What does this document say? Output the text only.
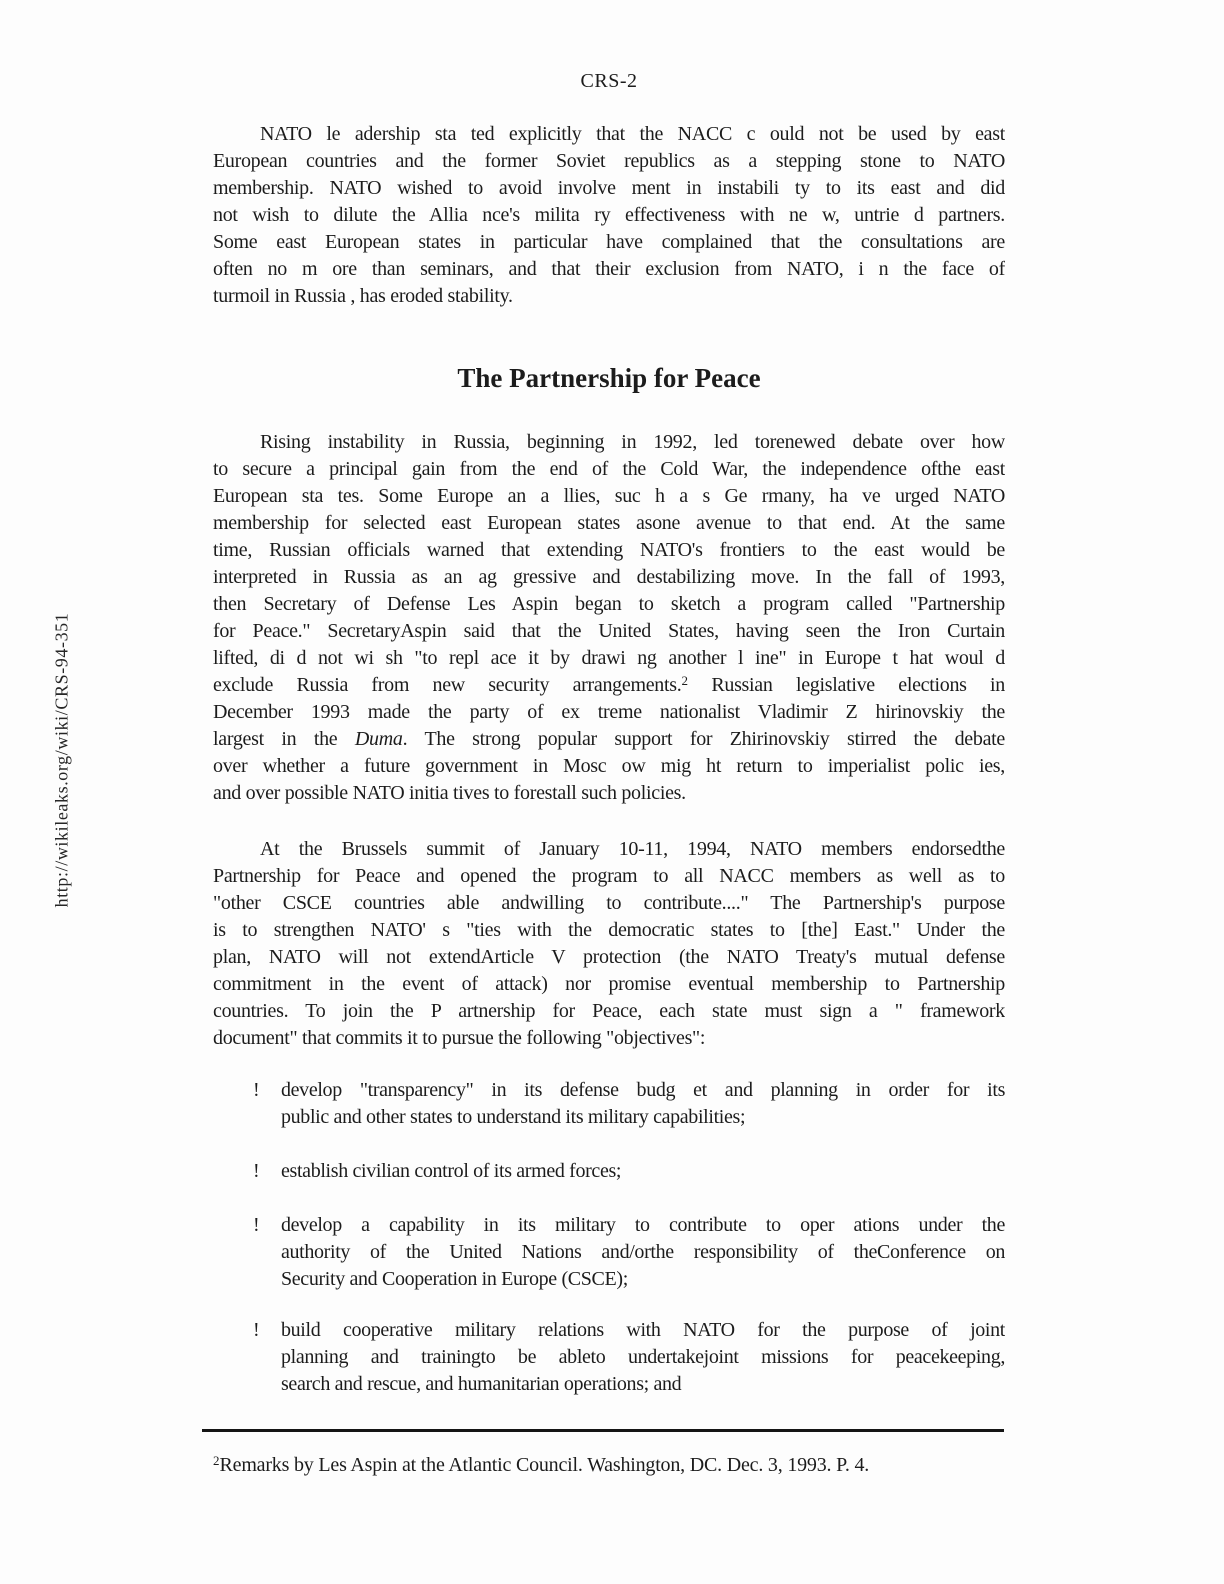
http://wikileaks.org/wiki/CRS-94-351
CRS-2
NATO le adership sta ted explicitly that the NACC c ould not be used by east
European countries and the former Soviet republics as a stepping stone to NATO
membership. NATO wished to avoid involve ment in instabili ty to its east and did
not wish to dilute the Allia nce's milita ry effectiveness with ne w, untrie d partners.
Some east European states in particular have complained that the consultations are
often no m ore than seminars, and that their exclusion from NATO, i n the face of
turmoil in Russia , has eroded stability.
The Partnership for Peace
Rising instability in Russia, beginning in 1992, led torenewed debate over how
to secure a principal gain from the end of the Cold War, the independence ofthe east
European sta tes. Some Europe an a llies, suc h a s Ge rmany, ha ve urged NATO
membership for selected east European states asone avenue to that end. At the same
time, Russian officials warned that extending NATO's frontiers to the east would be
interpreted in Russia as an ag gressive and destabilizing move. In the fall of 1993,
then Secretary of Defense Les Aspin began to sketch a program called "Partnership
for Peace." SecretaryAspin said that the United States, having seen the Iron Curtain
lifted, di d not wi sh "to repl ace it by drawi ng another l ine" in Europe t hat woul d
exclude Russia from new security arrangements.$^2$ Russian legislative elections in
December 1993 made the party of ex treme nationalist Vladimir Z hirinovskiy the
largest in the Duma. The strong popular support for Zhirinovskiy stirred the debate
over whether a future government in Mosc ow mig ht return to imperialist polic ies,
and over possible NATO initia tives to forestall such policies.
At the Brussels summit of January 10-11, 1994, NATO members endorsedthe
Partnership for Peace and opened the program to all NACC members as well as to
"other CSCE countries able andwilling to contribute...." The Partnership's purpose
is to strengthen NATO' s "ties with the democratic states to [the] East." Under the
plan, NATO will not extendArticle V protection (the NATO Treaty's mutual defense
commitment in the event of attack) nor promise eventual membership to Partnership
countries. To join the P artnership for Peace, each state must sign a " framework
document" that commits it to pursue the following "objectives":
!	develop "transparency" in its defense budg et and planning in order for its
public and other states to understand its military capabilities;
!	establish civilian control of its armed forces;
!	develop a capability in its military to contribute to oper ations under the
authority of the United Nations and/orthe responsibility of theConference on
Security and Cooperation in Europe (CSCE);
!	build cooperative military relations with NATO for the purpose of joint
planning and trainingto be ableto undertakejoint missions for peacekeeping,
search and rescue, and humanitarian operations; and
$^2$Remarks by Les Aspin at the Atlantic Council. Washington, DC. Dec. 3, 1993. P. 4.
